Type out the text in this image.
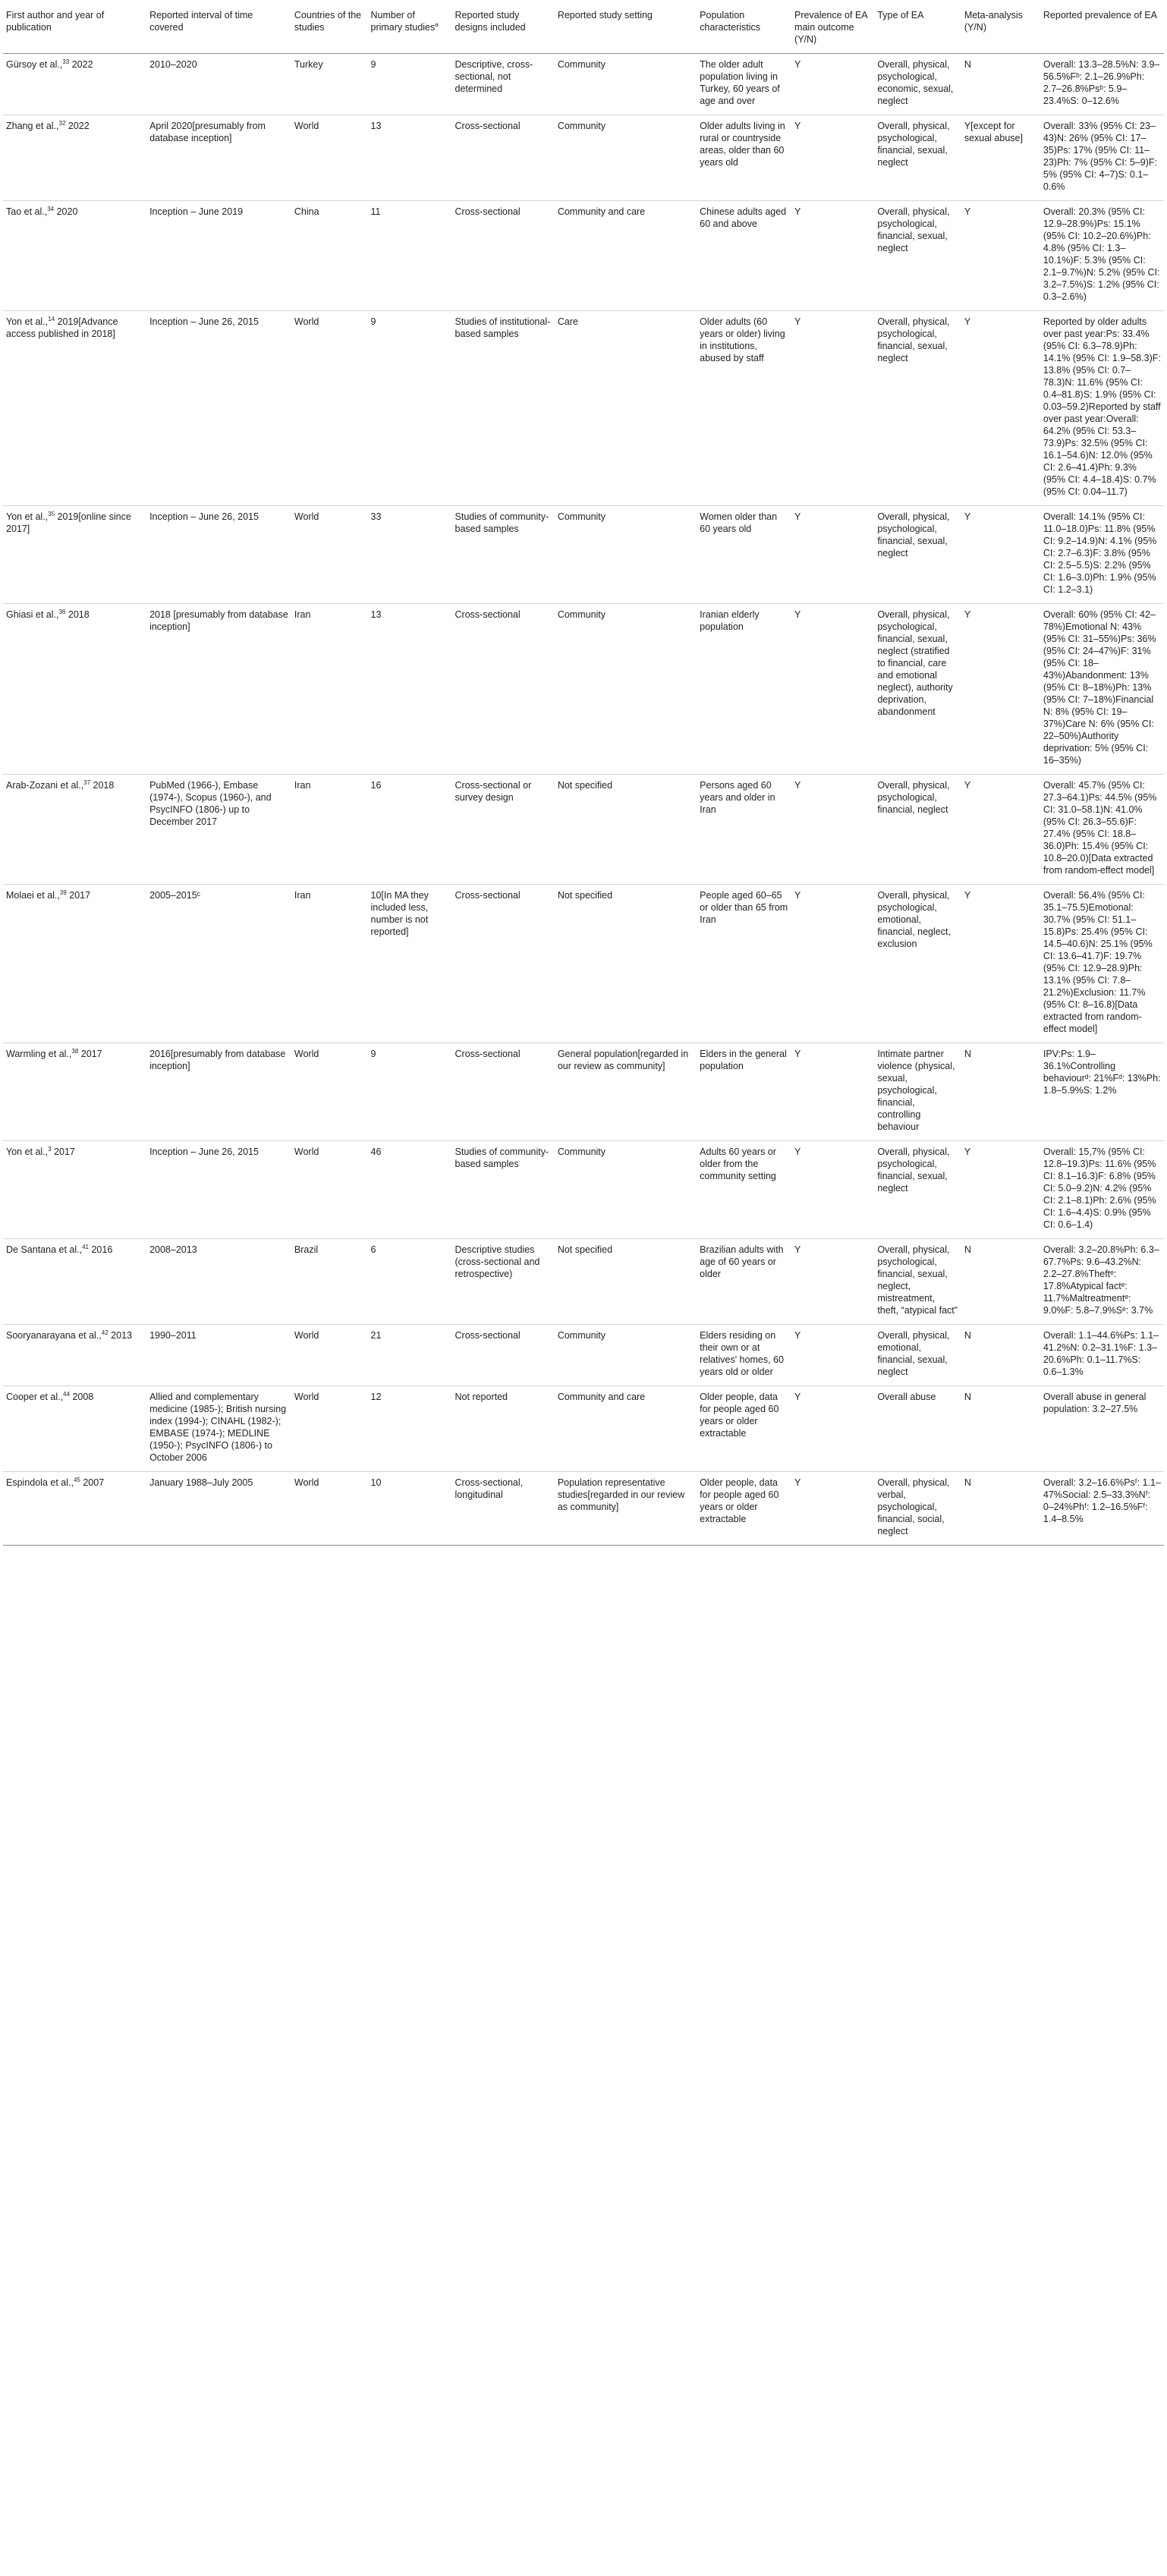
First author and year of publication	Reported interval of time covered	Countries of the studies	Number of primary studies$^a$	Reported study designs included	Reported study setting	Population characteristics	Prevalence of EA main outcome (Y/N)	Type of EA	Meta-analysis (Y/N)	Reported prevalence of EA
Gürsoy et al.,$^{33}$ 2022	2010–2020	Turkey	9	Descriptive, cross-sectional, not determined	Community	The older adult population living in Turkey, 60 years of age and over	Y	Overall, physical, psychological, economic, sexual, neglect	N	Overall: 13.3–28.5%N: 3.9–56.5%Fᵇ: 2.1–26.9%Ph: 2.7–26.8%Psᵇ: 5.9–23.4%S: 0–12.6%
Zhang et al.,$^{32}$ 2022	April 2020[presumably from database inception]	World	13	Cross-sectional	Community	Older adults living in rural or countryside areas, older than 60 years old	Y	Overall, physical, psychological, financial, sexual, neglect	Y[except for sexual abuse]	Overall: 33% (95% CI: 23–43)N: 26% (95% CI: 17–35)Ps: 17% (95% CI: 11–23)Ph: 7% (95% CI: 5–9)F: 5% (95% CI: 4–7)S: 0.1–0.6%
Tao et al.,$^{34}$ 2020	Inception – June 2019	China	11	Cross-sectional	Community and care	Chinese adults aged 60 and above	Y	Overall, physical, psychological, financial, sexual, neglect	Y	Overall: 20.3% (95% CI: 12.9–28.9%)Ps: 15.1% (95% CI: 10.2–20.6%)Ph: 4.8% (95% CI: 1.3–10.1%)F: 5.3% (95% CI: 2.1–9.7%)N: 5.2% (95% CI: 3.2–7.5%)S: 1.2% (95% CI: 0.3–2.6%)
Yon et al.,$^{14}$ 2019[Advance access published in 2018]	Inception – June 26, 2015	World	9	Studies of institutional-based samples	Care	Older adults (60 years or older) living in institutions, abused by staff	Y	Overall, physical, psychological, financial, sexual, neglect	Y	Reported by older adults over past year:Ps: 33.4% (95% CI: 6.3–78.9)Ph: 14.1% (95% CI: 1.9–58.3)F: 13.8% (95% CI: 0.7–78.3)N: 11.6% (95% CI: 0.4–81.8)S: 1.9% (95% CI: 0.03–59.2)Reported by staff over past year:Overall: 64.2% (95% CI: 53.3–73.9)Ps: 32.5% (95% CI: 16.1–54.6)N: 12.0% (95% CI: 2.6–41.4)Ph: 9.3% (95% CI: 4.4–18.4)S: 0.7% (95% CI: 0.04–11.7)
Yon et al.,$^{35}$ 2019[online since 2017]	Inception – June 26, 2015	World	33	Studies of community-based samples	Community	Women older than 60 years old	Y	Overall, physical, psychological, financial, sexual, neglect	Y	Overall: 14.1% (95% CI: 11.0–18.0)Ps: 11.8% (95% CI: 9.2–14.9)N: 4.1% (95% CI: 2.7–6.3)F: 3.8% (95% CI: 2.5–5.5)S: 2.2% (95% CI: 1.6–3.0)Ph: 1.9% (95% CI: 1.2–3.1)
Ghiasi et al.,$^{36}$ 2018	2018 [presumably from database inception]	Iran	13	Cross-sectional	Community	Iranian elderly population	Y	Overall, physical, psychological, financial, sexual, neglect (stratified to financial, care and emotional neglect), authority deprivation, abandonment	Y	Overall: 60% (95% CI: 42–78%)Emotional N: 43% (95% CI: 31–55%)Ps: 36% (95% CI: 24–47%)F: 31% (95% CI: 18–43%)Abandonment: 13% (95% CI: 8–18%)Ph: 13% (95% CI: 7–18%)Financial N: 8% (95% CI: 19–37%)Care N: 6% (95% CI: 22–50%)Authority deprivation: 5% (95% CI: 16–35%)
Arab-Zozani et al.,$^{37}$ 2018	PubMed (1966-), Embase (1974-), Scopus (1960-), and PsycINFO (1806-) up to December 2017	Iran	16	Cross-sectional or survey design	Not specified	Persons aged 60 years and older in Iran	Y	Overall, physical, psychological, financial, neglect	Y	Overall: 45.7% (95% CI: 27.3–64.1)Ps: 44.5% (95% CI: 31.0–58.1)N: 41.0% (95% CI: 26.3–55.6)F: 27.4% (95% CI: 18.8–36.0)Ph: 15.4% (95% CI: 10.8–20.0)[Data extracted from random-effect model]
Molaei et al.,$^{39}$ 2017	2005–2015ᶜ	Iran	10[In MA they included less, number is not reported]	Cross-sectional	Not specified	People aged 60–65 or older than 65 from Iran	Y	Overall, physical, psychological, emotional, financial, neglect, exclusion	Y	Overall: 56.4% (95% CI: 35.1–75.5)Emotional: 30.7% (95% CI: 51.1–15.8)Ps: 25.4% (95% CI: 14.5–40.6)N: 25.1% (95% CI: 13.6–41.7)F: 19.7% (95% CI: 12.9–28.9)Ph: 13.1% (95% CI: 7.8–21.2%)Exclusion: 11.7% (95% CI: 8–16.8)[Data extracted from random-effect model]
Warmling et al.,$^{38}$ 2017	2016[presumably from database inception]	World	9	Cross-sectional	General population[regarded in our review as community]	Elders in the general population	Y	Intimate partner violence (physical, sexual, psychological, financial, controlling behaviour	N	IPV:Ps: 1.9–36.1%Controlling behaviourᵈ: 21%Fᵈ: 13%Ph: 1.8–5.9%S: 1.2%
Yon et al.,$^3$ 2017	Inception – June 26, 2015	World	46	Studies of community-based samples	Community	Adults 60 years or older from the community setting	Y	Overall, physical, psychological, financial, sexual, neglect	Y	Overall: 15,7% (95% CI: 12.8–19.3)Ps: 11.6% (95% CI: 8.1–16.3)F: 6.8% (95% CI: 5.0–9.2)N: 4.2% (95% CI: 2.1–8.1)Ph: 2.6% (95% CI: 1.6–4.4)S: 0.9% (95% CI: 0.6–1.4)
De Santana et al.,$^{41}$ 2016	2008–2013	Brazil	6	Descriptive studies (cross-sectional and retrospective)	Not specified	Brazilian adults with age of 60 years or older	Y	Overall, physical, psychological, financial, sexual, neglect, mistreatment, theft, “atypical fact”	N	Overall: 3.2–20.8%Ph: 6.3–67.7%Ps: 9.6–43.2%N: 2.2–27.8%Theftᵉ: 17.8%Atypical factᵉ: 11.7%Maltreatmentᵉ: 9.0%F: 5.8–7.9%Sᵉ: 3.7%
Sooryanarayana et al.,$^{42}$ 2013	1990–2011	World	21	Cross-sectional	Community	Elders residing on their own or at relatives' homes, 60 years old or older	Y	Overall, physical, emotional, financial, sexual, neglect	N	Overall: 1.1–44.6%Ps: 1.1–41.2%N: 0.2–31.1%F: 1.3–20.6%Ph: 0.1–11.7%S: 0.6–1.3%
Cooper et al.,$^{44}$ 2008	Allied and complementary medicine (1985-); British nursing index (1994-); CINAHL (1982-); EMBASE (1974-); MEDLINE (1950-); PsycINFO (1806-) to October 2006	World	12	Not reported	Community and care	Older people, data for people aged 60 years or older extractable	Y	Overall abuse	N	Overall abuse in general population: 3.2–27.5%
Espindola et al.,$^{45}$ 2007	January 1988–July 2005	World	10	Cross-sectional, longitudinal	Population representative studies[regarded in our review as community]	Older people, data for people aged 60 years or older extractable	Y	Overall, physical, verbal, psychological, financial, social, neglect	N	Overall: 3.2–16.6%Psᶠ: 1.1–47%Social: 2.5–33.3%Nᶠ: 0–24%Phᶠ: 1.2–16.5%Fᶠ: 1.4–8.5%
